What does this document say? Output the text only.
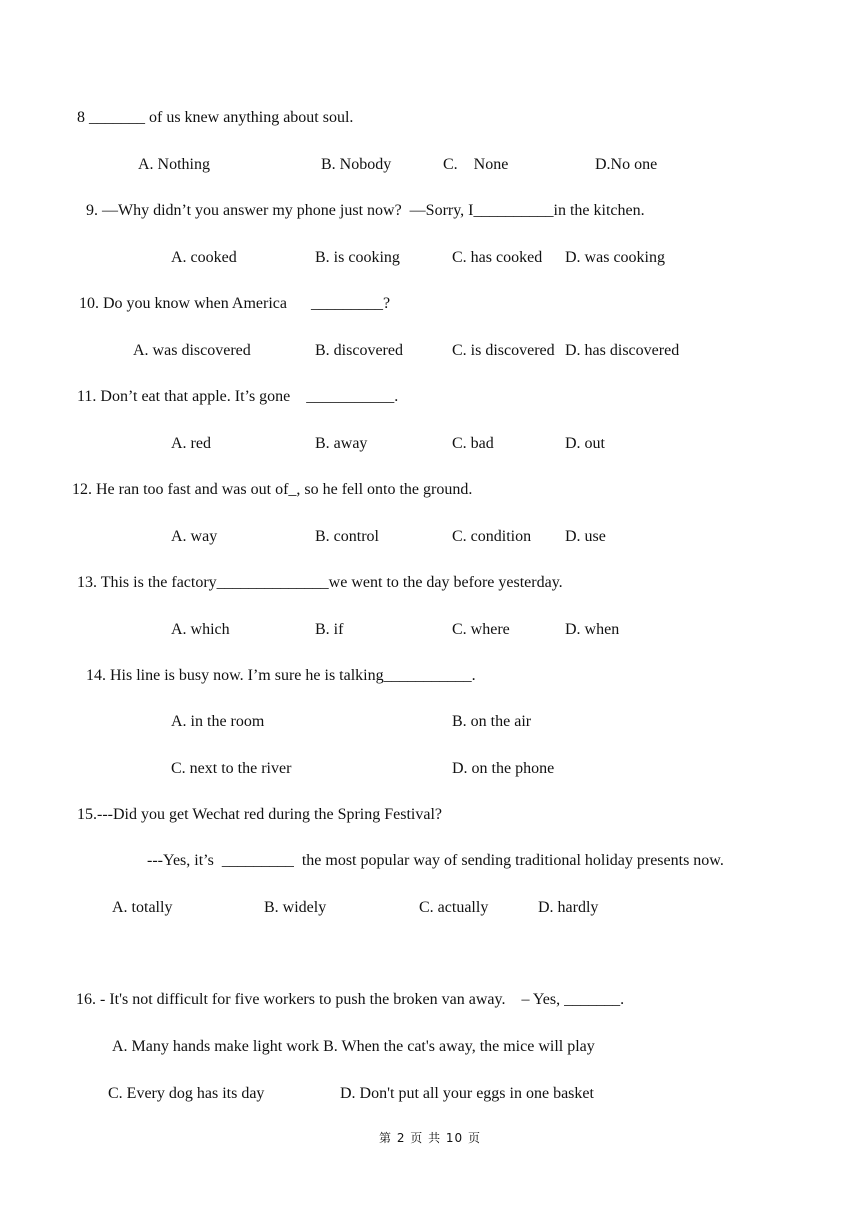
8 _______ of us knew anything about soul.
A. Nothing	B. Nobody	C.    None	D.No one
9. —Why didn’t you answer my phone just now?  —Sorry, I__________in the kitchen.
A. cooked	B. is cooking	C. has cooked D. was cooking
10. Do you know when America      _________?
A. was discovered	B. discovered	C. is discovered D. has discovered
11. Don’t eat that apple. It’s gone    ___________.
A. red	B. away	C. bad	D. out
12. He ran too fast and was out of_, so he fell onto the ground.
A. way	B. control	C. condition D. use
13. This is the factory______________we went to the day before yesterday.
A. which	B. if	C. where	D. when
14. His line is busy now. I’m sure he is talking___________.
A. in the room	B. on the air
C. next to the river	D. on the phone
15.---Did you get Wechat red during the Spring Festival?
---Yes, it’s  _________  the most popular way of sending traditional holiday presents now.
A. totally	B. widely	C. actually	D. hardly
16. - It's not difficult for five workers to push the broken van away.    – Yes, _______.
A. Many hands make light work B. When the cat's away, the mice will play
C. Every dog has its day	D. Don't put all your eggs in one basket
第 2 页 共 10 页
